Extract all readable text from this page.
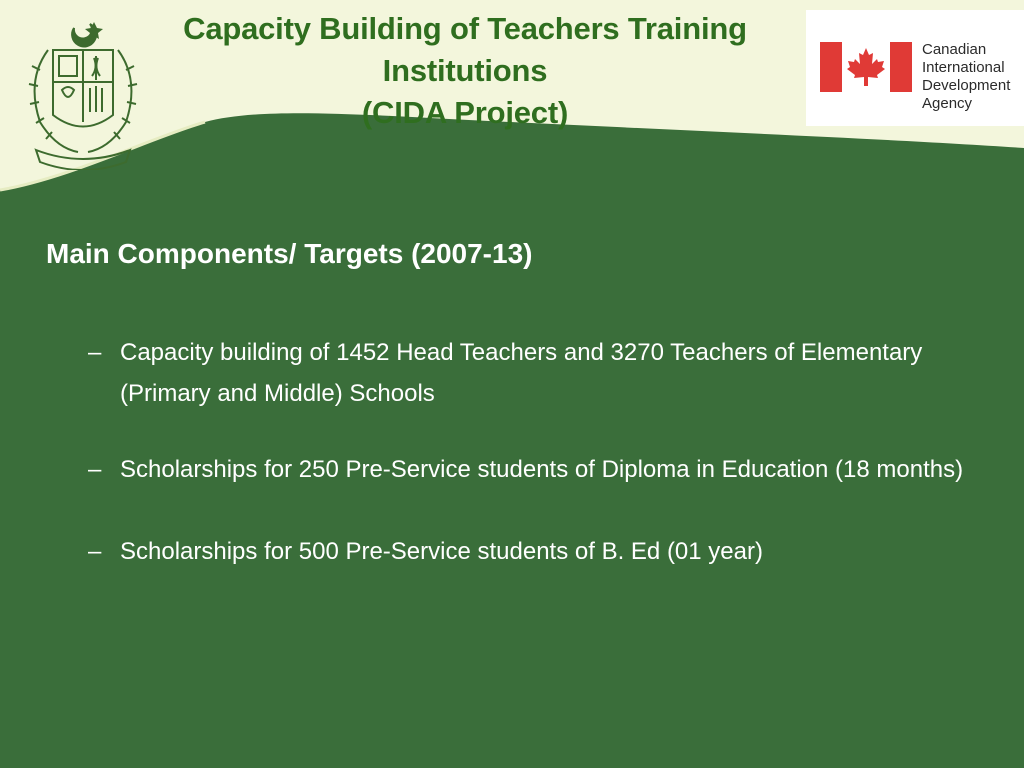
Capacity Building of Teachers Training
Institutions
(CIDA Project)
Canadian
International
Development
Agency
Main Components/ Targets (2007-13)
– Capacity building of 1452 Head Teachers and 3270 Teachers of Elementary (Primary and Middle) Schools
– Scholarships for 250 Pre-Service students of Diploma in Education (18 months)
– Scholarships for 500 Pre-Service students of B. Ed (01 year)
